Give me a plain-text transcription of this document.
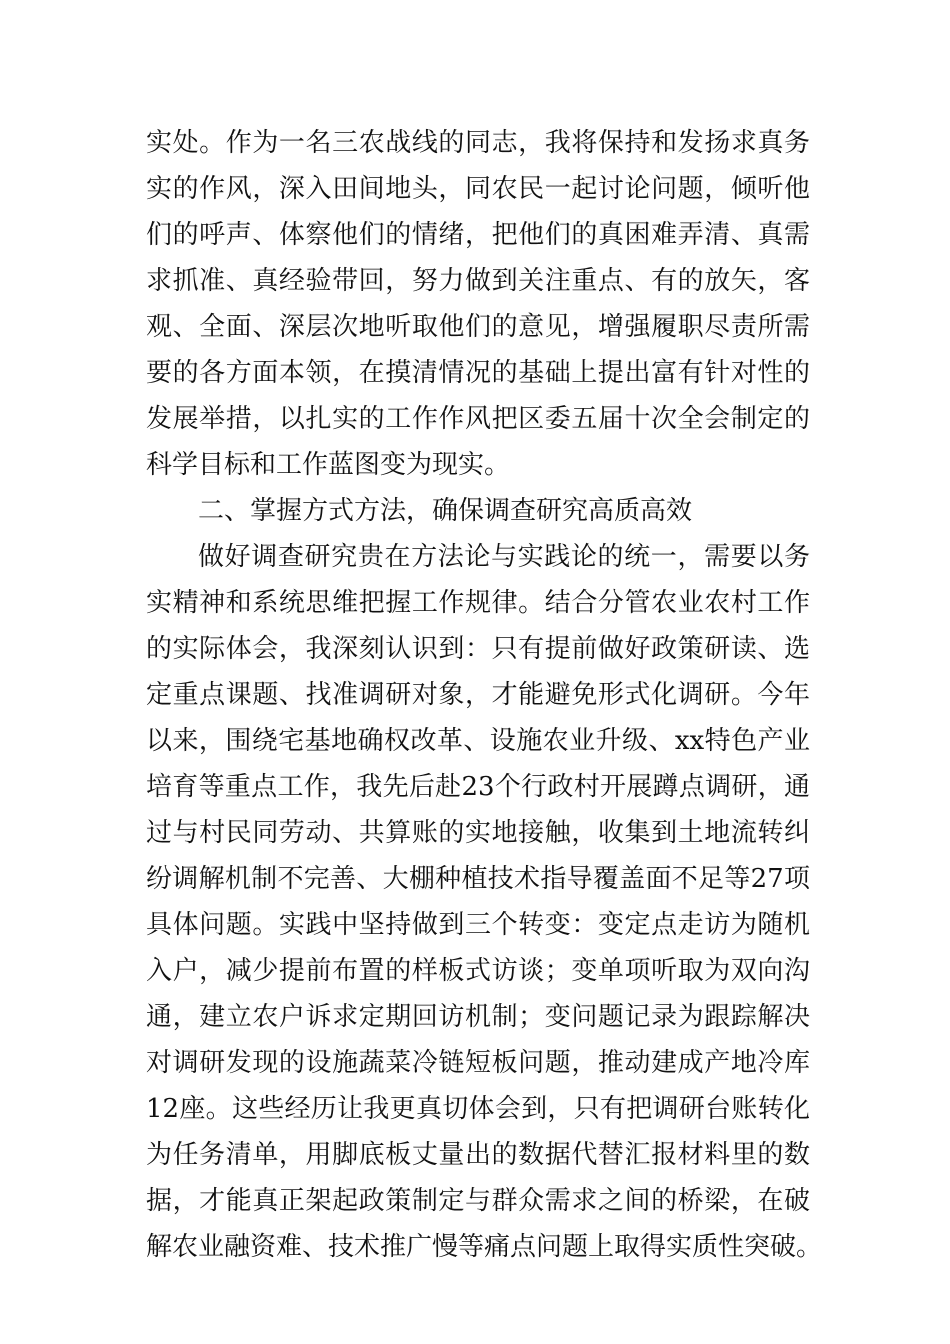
实处。作为一名三农战线的同志，我将保持和发扬求真务
实的作风，深入田间地头，同农民一起讨论问题，倾听他
们的呼声、体察他们的情绪，把他们的真困难弄清、真需
求抓准、真经验带回，努力做到关注重点、有的放矢，客
观、全面、深层次地听取他们的意见，增强履职尽责所需
要的各方面本领，在摸清情况的基础上提出富有针对性的
发展举措，以扎实的工作作风把区委五届十次全会制定的
科学目标和工作蓝图变为现实。
二、掌握方式方法，确保调查研究高质高效
做好调查研究贵在方法论与实践论的统一，需要以务
实精神和系统思维把握工作规律。结合分管农业农村工作
的实际体会，我深刻认识到：只有提前做好政策研读、选
定重点课题、找准调研对象，才能避免形式化调研。今年
以来，围绕宅基地确权改革、设施农业升级、xx特色产业
培育等重点工作，我先后赴23个行政村开展蹲点调研，通
过与村民同劳动、共算账的实地接触，收集到土地流转纠
纷调解机制不完善、大棚种植技术指导覆盖面不足等27项
具体问题。实践中坚持做到三个转变：变定点走访为随机
入户，减少提前布置的样板式访谈；变单项听取为双向沟
通，建立农户诉求定期回访机制；变问题记录为跟踪解决
对调研发现的设施蔬菜冷链短板问题，推动建成产地冷库
12座。这些经历让我更真切体会到，只有把调研台账转化
为任务清单，用脚底板丈量出的数据代替汇报材料里的数
据，才能真正架起政策制定与群众需求之间的桥梁，在破
解农业融资难、技术推广慢等痛点问题上取得实质性突破。
